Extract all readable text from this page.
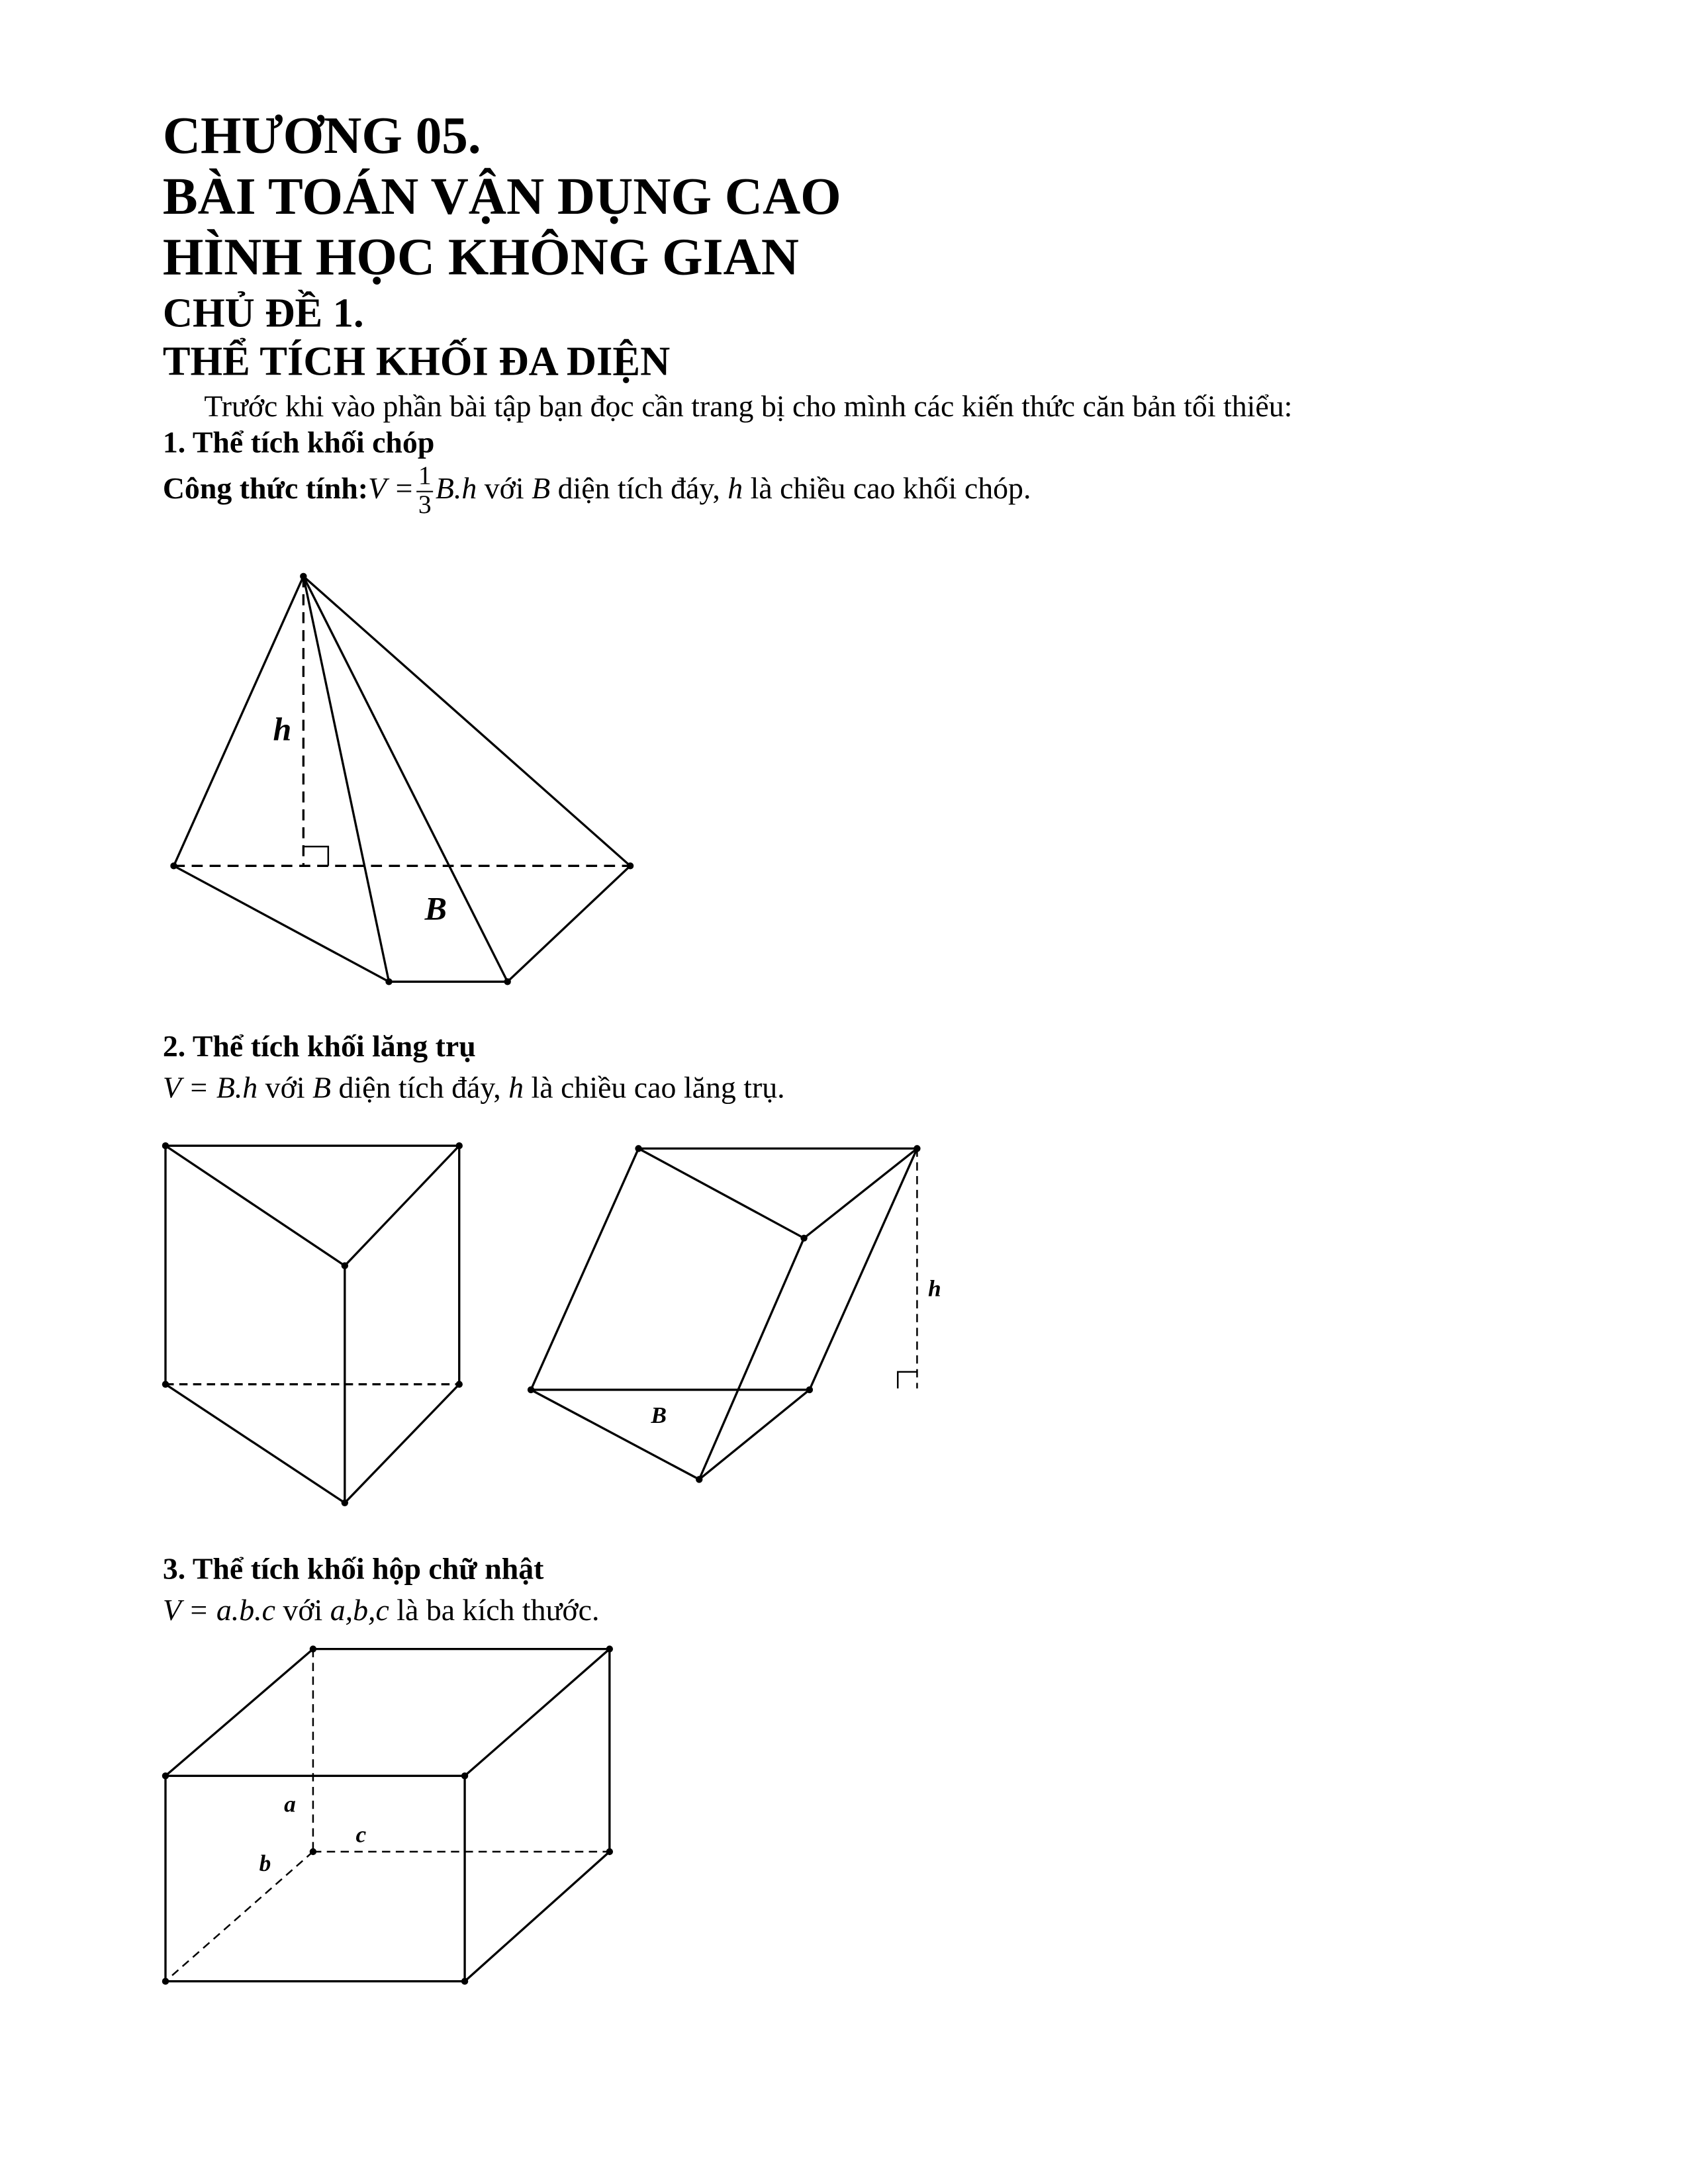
CHƯƠNG 05.
BÀI TOÁN VẬN DỤNG CAO
HÌNH HỌC KHÔNG GIAN
CHỦ ĐỀ 1.
THỂ TÍCH KHỐI ĐA DIỆN
Trước khi vào phần bài tập bạn đọc cần trang bị cho mình các kiến thức căn bản tối thiểu:
1. Thể tích khối chóp
Công thức tính:V = $\frac{1}{3} B.h$ với B diện tích đáy, h là chiều cao khối chóp.
2. Thể tích khối lăng trụ
V = B.h với B diện tích đáy, h là chiều cao lăng trụ.
3. Thể tích khối hộp chữ nhật
V = a.b.c với a,b,c là ba kích thước.
h
B
h
B
a
c
b
